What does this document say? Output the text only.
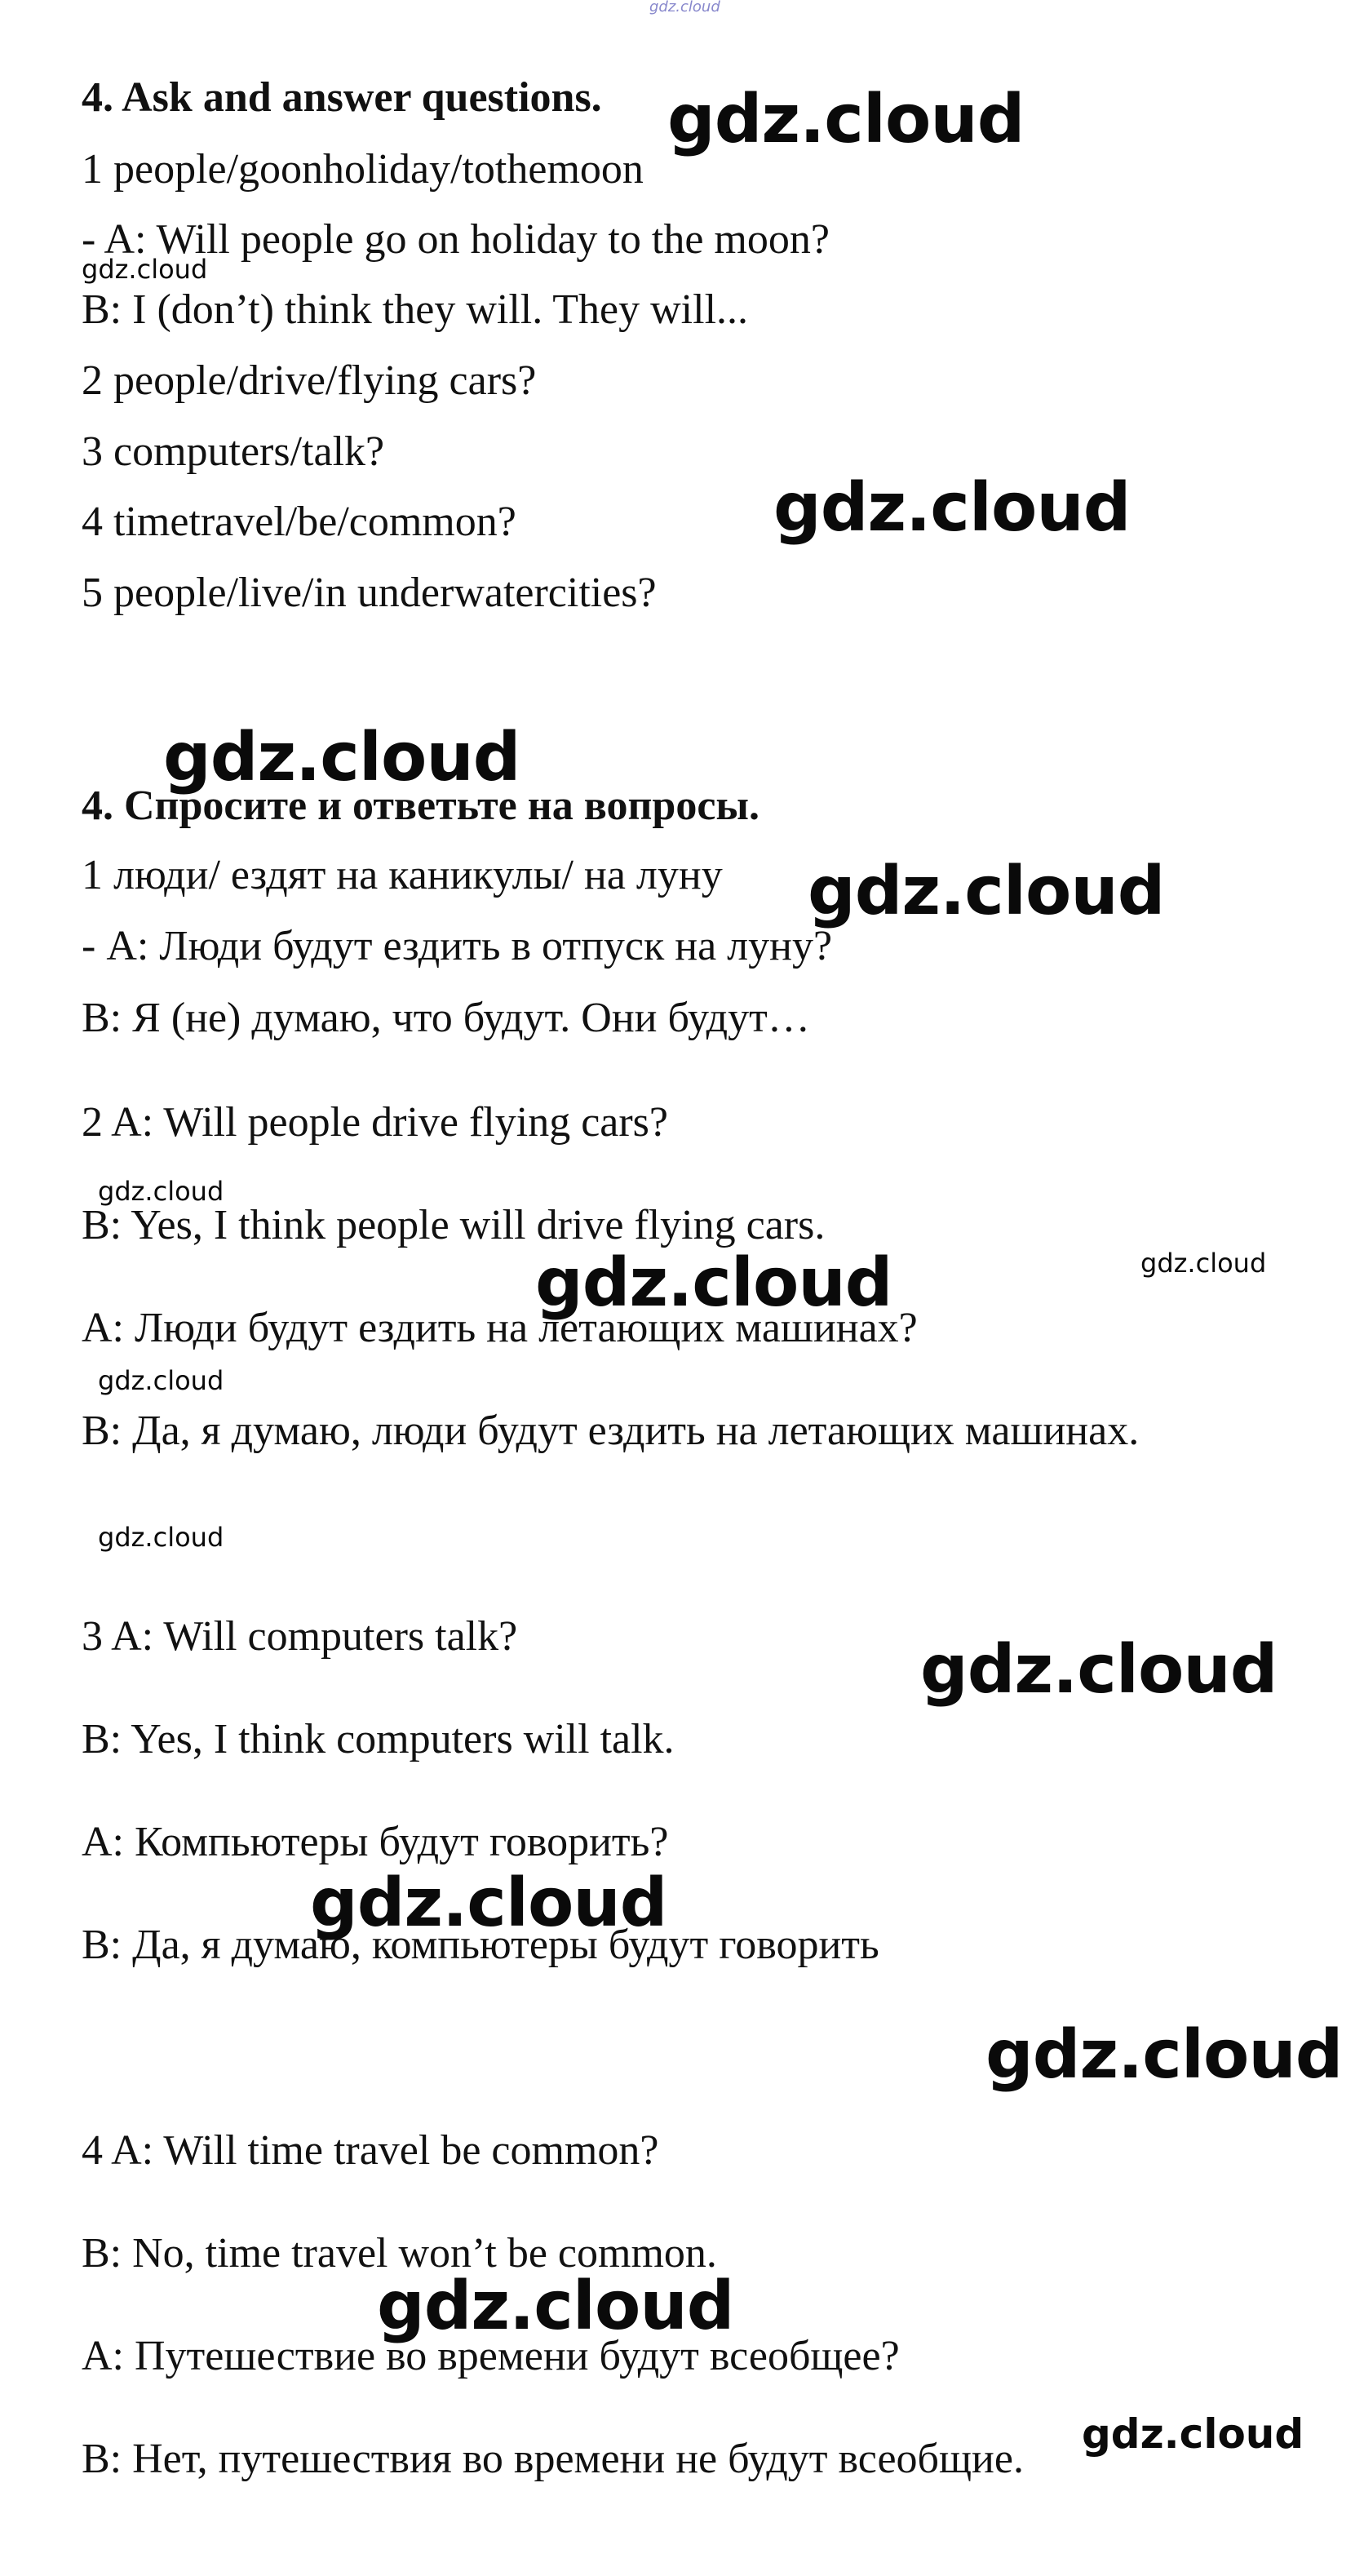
gdz.cloud
4. Ask and answer questions.
1 people/goonholiday/tothemoon
- A: Will people go on holiday to the moon?
B: I (don’t) think they will. They will...
2 people/drive/flying cars?
3 computers/talk?
4 timetravel/be/common?
5 people/live/in underwatercities?
4. Спросите и ответьте на вопросы.
1 люди/ ездят на каникулы/ на луну
- А: Люди будут ездить в отпуск на луну?
B: Я (не) думаю, что будут. Они будут…
2 A: Will people drive flying cars?
B: Yes, I think people will drive flying cars.
A: Люди будут ездить на летающих машинах?
B: Да, я думаю, люди будут ездить на летающих машинах.
3 A: Will computers talk?
B: Yes, I think computers will talk.
A: Компьютеры будут говорить?
B: Да, я думаю, компьютеры будут говорить
4 A: Will time travel be common?
B: No, time travel won’t be common.
A: Путешествие во времени будут всеобщее?
B: Нет, путешествия во времени не будут всеобщие.
gdz.cloud
gdz.cloud
gdz.cloud
gdz.cloud
gdz.cloud
gdz.cloud
gdz.cloud
gdz.cloud
gdz.cloud
gdz.cloud
gdz.cloud
gdz.cloud
gdz.cloud
gdz.cloud
gdz.cloud
